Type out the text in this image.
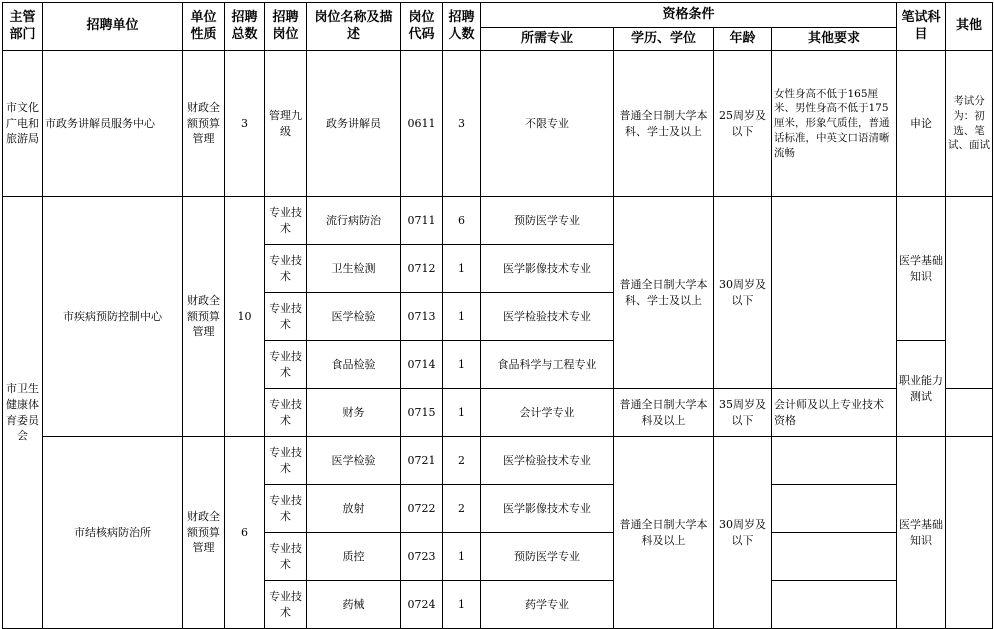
主管部门	招聘单位	单位性质	招聘总数	招聘岗位	岗位名称及描述	岗位代码	招聘人数	资格条件				笔试科目	其他
								所需专业	学历、学位	年龄	其他要求		
市文化广电和旅游局	市政务讲解员服务中心	财政全额预算管理	3	管理九级	政务讲解员	0611	3	不限专业	普通全日制大学本科、学士及以上	25周岁及以下	女性身高不低于165厘米、男性身高不低于175厘米，形象气质佳，普通话标准，中英文口语清晰流畅	申论	考试分为：初选、笔试、面试
市卫生健康体育委员会	市疾病预防控制中心	财政全额预算管理	10	专业技术	流行病防治	0711	6	预防医学专业	普通全日制大学本科、学士及以上	30周岁及以下		医学基础知识	
				专业技术	卫生检测	0712	1	医学影像技术专业					
				专业技术	医学检验	0713	1	医学检验技术专业					
				专业技术	食品检验	0714	1	食品科学与工程专业				职业能力测试	
				专业技术	财务	0715	1	会计学专业	普通全日制大学本科及以上	35周岁及以下	会计师及以上专业技术资格		
	市结核病防治所	财政全额预算管理	6	专业技术	医学检验	0721	2	医学检验技术专业	普通全日制大学本科及以上	30周岁及以下		医学基础知识	
				专业技术	放射	0722	2	医学影像技术专业					
				专业技术	质控	0723	1	预防医学专业					
				专业技术	药械	0724	1	药学专业					
